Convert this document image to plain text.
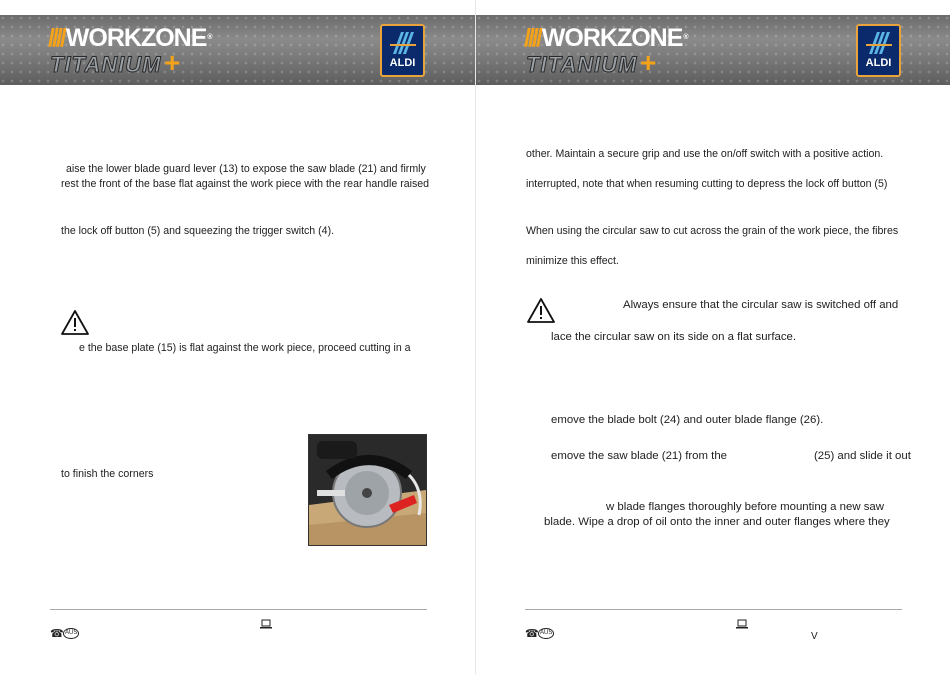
////WORKZONE®
TITANIUM+	ALDI
aise the lower blade guard lever (13) to expose the saw blade (21) and firmly
rest the front of the base flat against the work piece with the rear handle raised
the lock off button (5) and squeezing the trigger switch (4).
e the base plate (15) is flat against the work piece, proceed cutting in a
to finish the corners
☎ AUS
////WORKZONE®
TITANIUM+	ALDI
other. Maintain a secure grip and use the on/off switch with a positive action.
interrupted, note that when resuming cutting to depress the lock off button (5)
When using the circular saw to cut across the grain of the work piece, the fibres
minimize this effect.
Always ensure that the circular saw is switched off and
lace the circular saw on its side on a flat surface.
emove the blade bolt (24) and outer blade flange (26).
emove the saw blade (21) from the	(25) and slide it out
w blade flanges thoroughly before mounting a new saw
blade. Wipe a drop of oil onto the inner and outer flanges where they
☎ AUS	V
